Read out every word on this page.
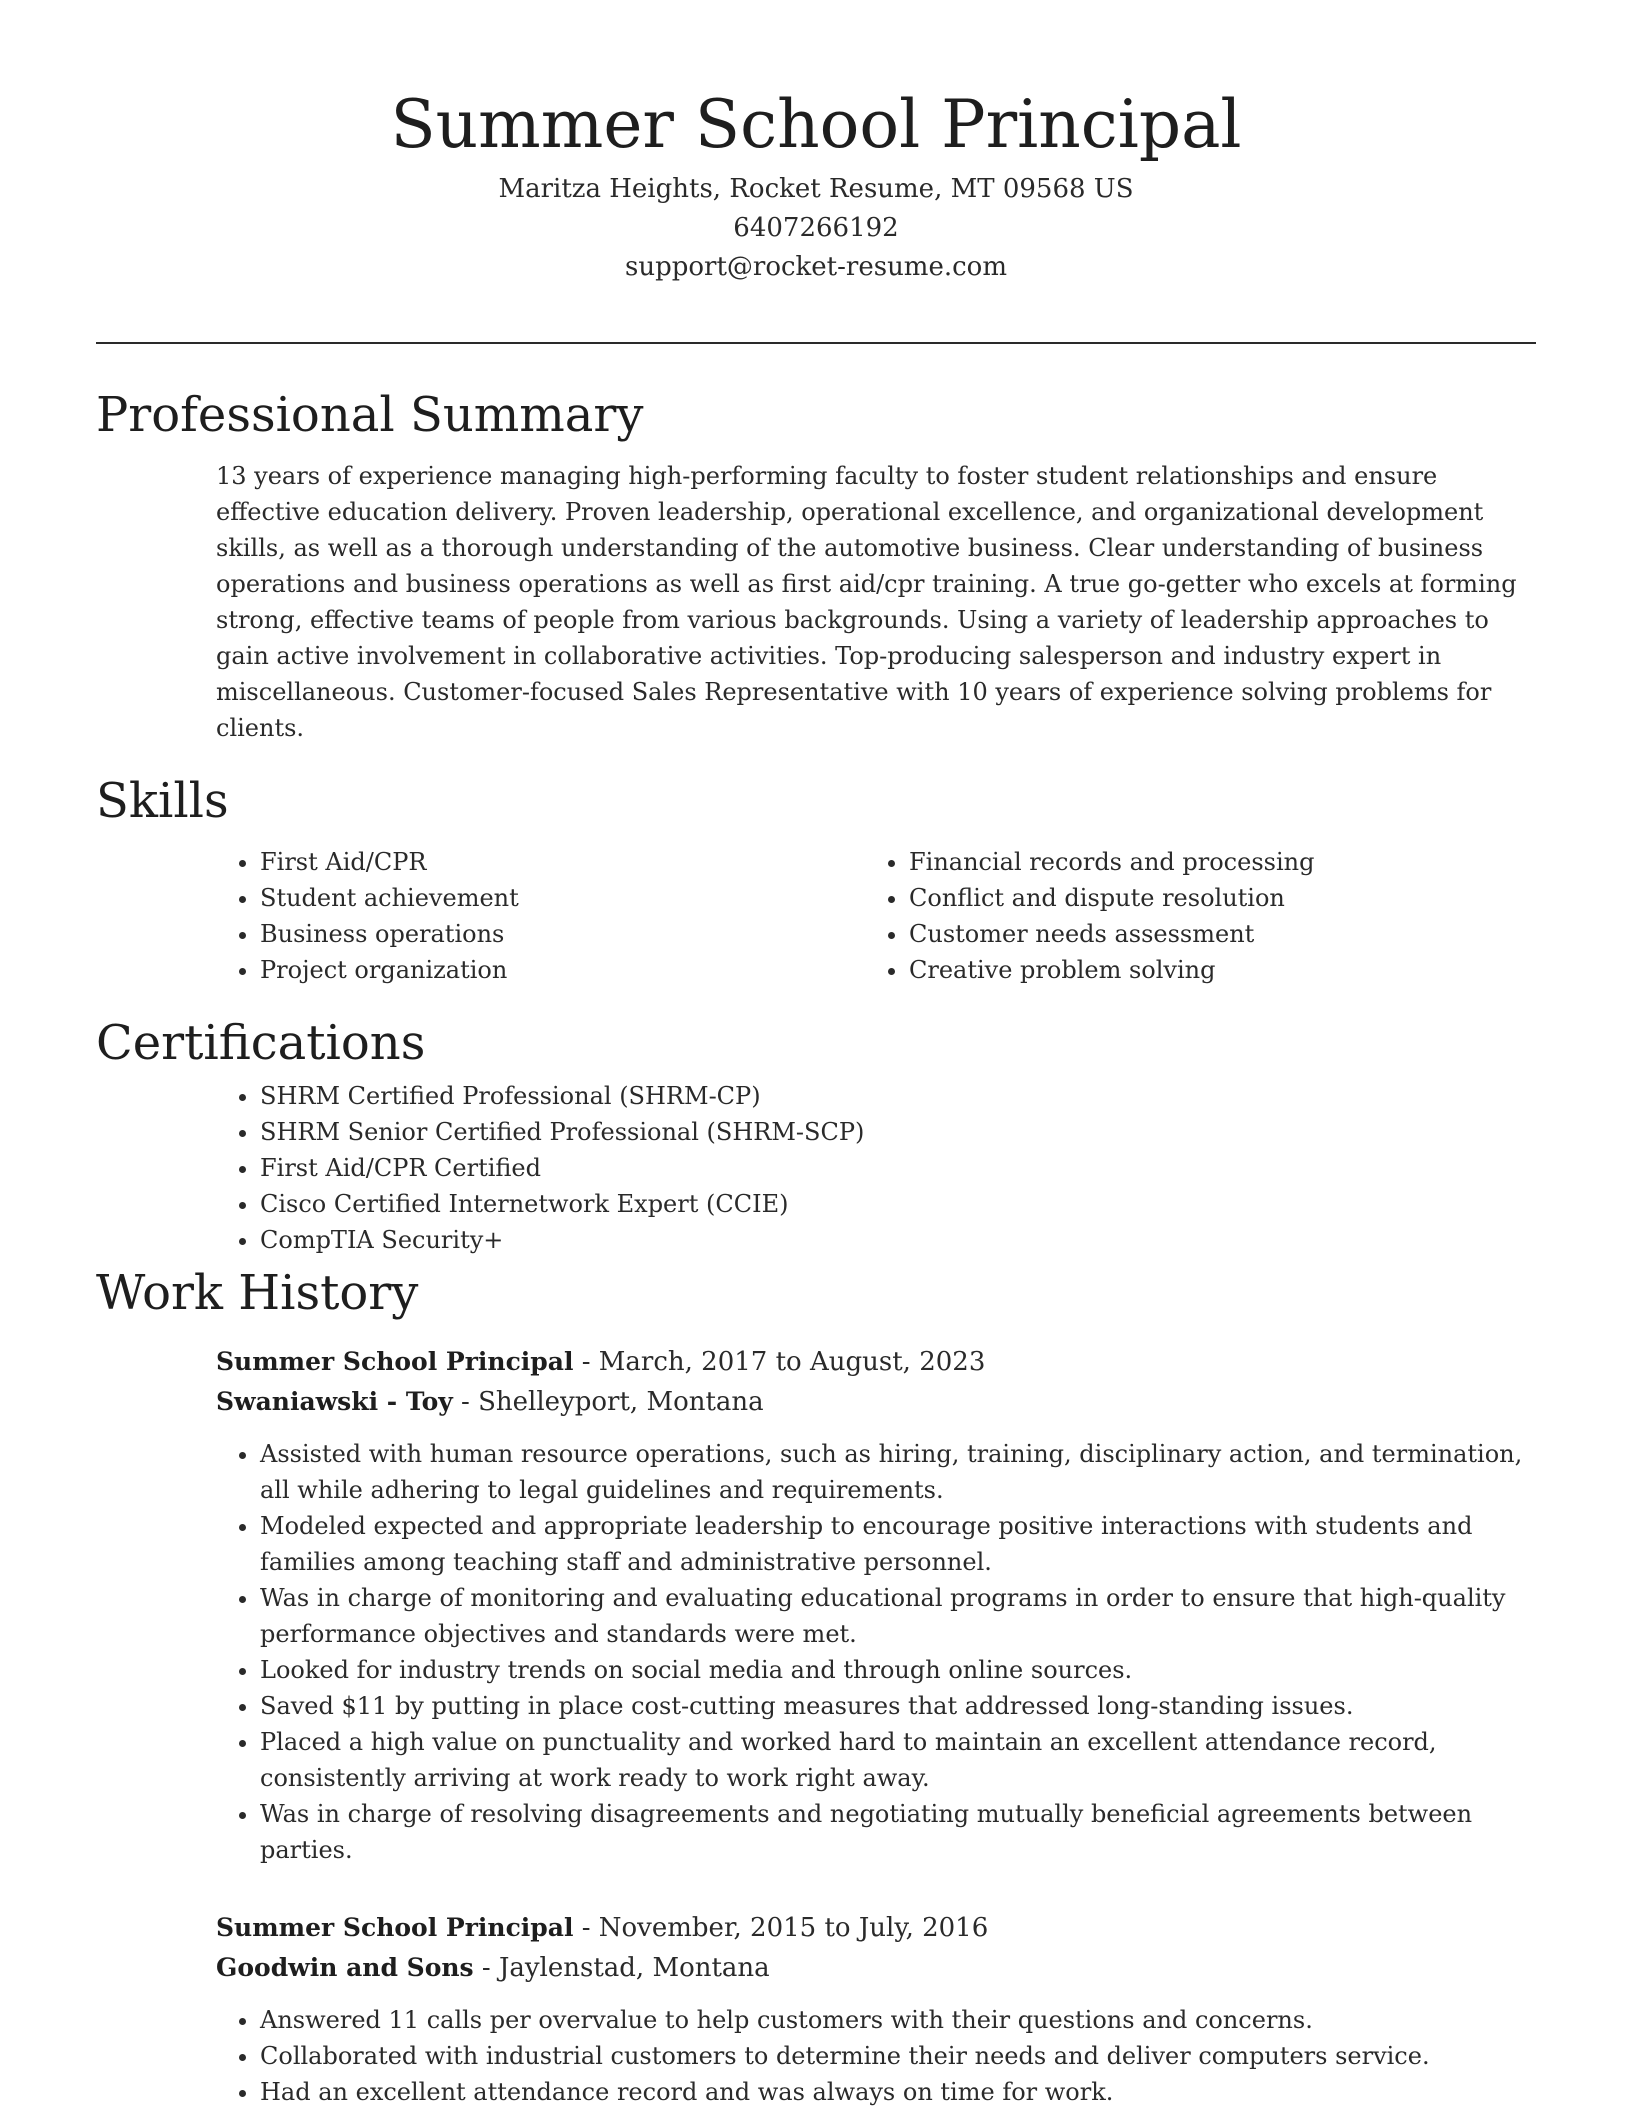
Summer School Principal
Maritza Heights, Rocket Resume, MT 09568 US
6407266192
support@rocket-resume.com
Professional Summary

13 years of experience managing high-performing faculty to foster student relationships and ensure effective education delivery. Proven leadership, operational excellence, and organizational development skills, as well as a thorough understanding of the automotive business. Clear understanding of business operations and business operations as well as first aid/cpr training. A true go-getter who excels at forming strong, effective teams of people from various backgrounds. Using a variety of leadership approaches to gain active involvement in collaborative activities. Top-producing salesperson and industry expert in miscellaneous. Customer-focused Sales Representative with 10 years of experience solving problems for clients.

Skills
• First Aid/CPR
• Student achievement
• Business operations
• Project organization
• Financial records and processing
• Conflict and dispute resolution
• Customer needs assessment
• Creative problem solving
Certifications
• SHRM Certified Professional (SHRM-CP)
• SHRM Senior Certified Professional (SHRM-SCP)
• First Aid/CPR Certified
• Cisco Certified Internetwork Expert (CCIE)
• CompTIA Security+
Work History
Summer School Principal - March, 2017 to August, 2023
Swaniawski - Toy - Shelleyport, Montana
• Assisted with human resource operations, such as hiring, training, disciplinary action, and termination, all while adhering to legal guidelines and requirements.
• Modeled expected and appropriate leadership to encourage positive interactions with students and families among teaching staff and administrative personnel.
• Was in charge of monitoring and evaluating educational programs in order to ensure that high-quality performance objectives and standards were met.
• Looked for industry trends on social media and through online sources.
• Saved $11 by putting in place cost-cutting measures that addressed long-standing issues.
• Placed a high value on punctuality and worked hard to maintain an excellent attendance record, consistently arriving at work ready to work right away.
• Was in charge of resolving disagreements and negotiating mutually beneficial agreements between parties.
Summer School Principal - November, 2015 to July, 2016
Goodwin and Sons - Jaylenstad, Montana
• Answered 11 calls per overvalue to help customers with their questions and concerns.
• Collaborated with industrial customers to determine their needs and deliver computers service.
• Had an excellent attendance record and was always on time for work.
